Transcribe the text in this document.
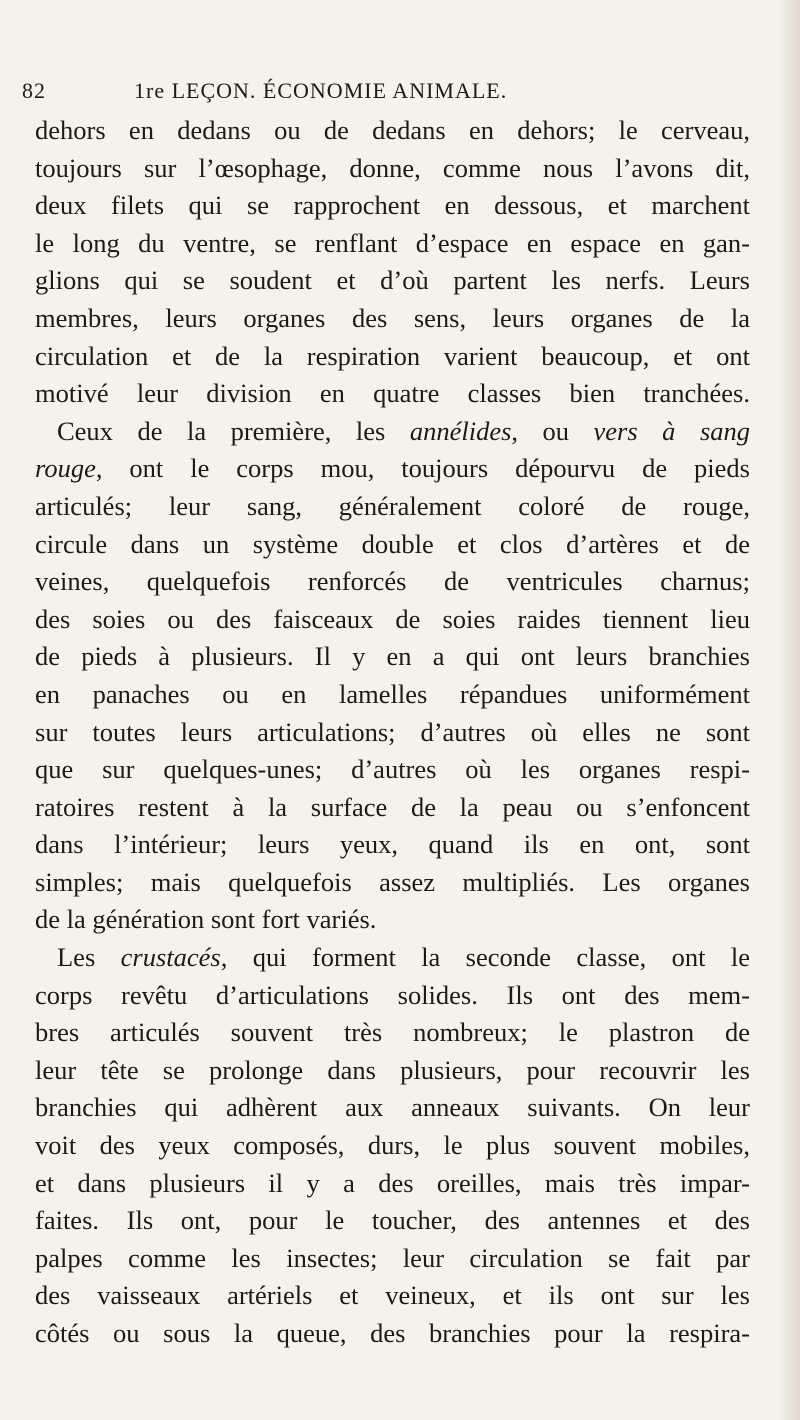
82	1re LEÇON. ÉCONOMIE ANIMALE.
dehors en dedans ou de dedans en dehors; le cerveau,
toujours sur l’œsophage, donne, comme nous l’avons dit,
deux filets qui se rapprochent en dessous, et marchent
le long du ventre, se renflant d’espace en espace en gan-
glions qui se soudent et d’où partent les nerfs. Leurs
membres, leurs organes des sens, leurs organes de la
circulation et de la respiration varient beaucoup, et ont
motivé leur division en quatre classes bien tranchées.
Ceux de la première, les annélides, ou vers à sang
rouge, ont le corps mou, toujours dépourvu de pieds
articulés; leur sang, généralement coloré de rouge,
circule dans un système double et clos d’artères et de
veines, quelquefois renforcés de ventricules charnus;
des soies ou des faisceaux de soies raides tiennent lieu
de pieds à plusieurs. Il y en a qui ont leurs branchies
en panaches ou en lamelles répandues uniformément
sur toutes leurs articulations; d’autres où elles ne sont
que sur quelques-unes; d’autres où les organes respi-
ratoires restent à la surface de la peau ou s’enfoncent
dans l’intérieur; leurs yeux, quand ils en ont, sont
simples; mais quelquefois assez multipliés. Les organes
de la génération sont fort variés.
Les crustacés, qui forment la seconde classe, ont le
corps revêtu d’articulations solides. Ils ont des mem-
bres articulés souvent très nombreux; le plastron de
leur tête se prolonge dans plusieurs, pour recouvrir les
branchies qui adhèrent aux anneaux suivants. On leur
voit des yeux composés, durs, le plus souvent mobiles,
et dans plusieurs il y a des oreilles, mais très impar-
faites. Ils ont, pour le toucher, des antennes et des
palpes comme les insectes; leur circulation se fait par
des vaisseaux artériels et veineux, et ils ont sur les
côtés ou sous la queue, des branchies pour la respira-
